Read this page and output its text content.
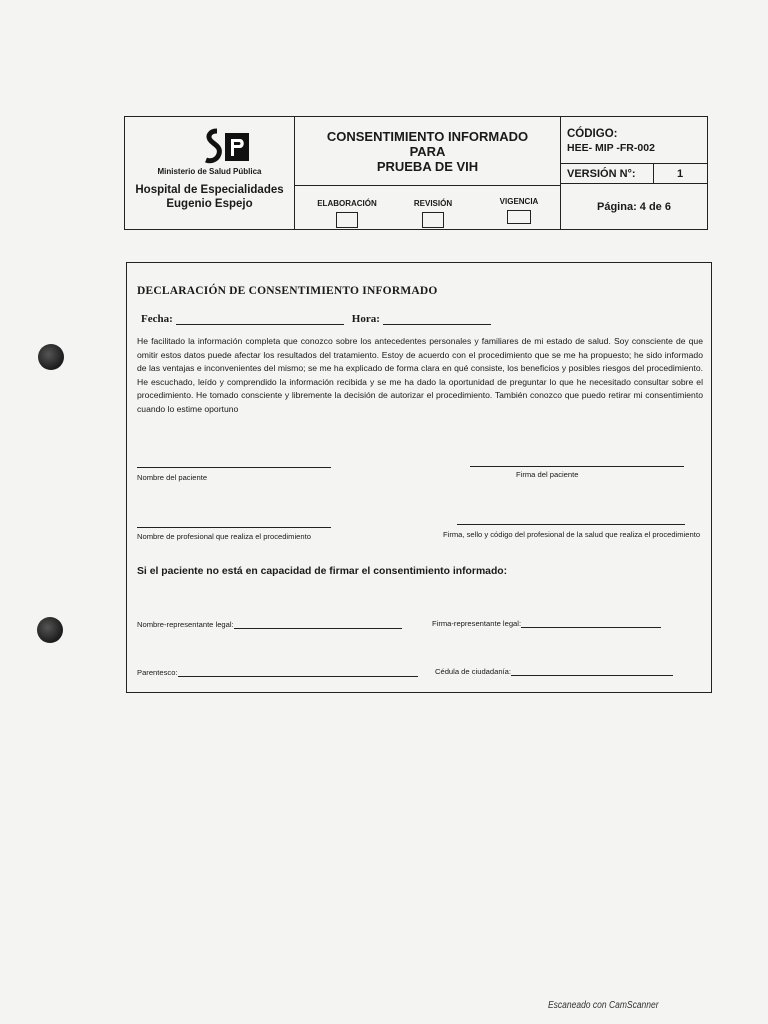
Ministerio de Salud Pública
Hospital de Especialidades
Eugenio Espejo
CONSENTIMIENTO INFORMADO
PARA
PRUEBA DE VIH
ELABORACIÓN	REVISIÓN	VIGENCIA
CÓDIGO:
HEE- MIP -FR-002
VERSIÓN N°:	1
Página: 4 de 6
DECLARACIÓN DE CONSENTIMIENTO INFORMADO
Fecha:	Hora:
He facilitado la información completa que conozco sobre los antecedentes personales y familiares de mi estado de salud. Soy consciente de que omitir estos datos puede afectar los resultados del tratamiento. Estoy de acuerdo con el procedimiento que se me ha propuesto; he sido informado de las ventajas e inconvenientes del mismo; se me ha explicado de forma clara en qué consiste, los beneficios y posibles riesgos del procedimiento. He escuchado, leído y comprendido la información recibida y se me ha dado la oportunidad de preguntar lo que he necesitado consultar sobre el procedimiento. He tomado consciente y libremente la decisión de autorizar el procedimiento. También conozco que puedo retirar mi consentimiento cuando lo estime oportuno
Nombre del paciente	Firma del paciente
Nombre de profesional que realiza el procedimiento	Firma, sello y código del profesional de la salud que realiza el procedimiento
Si el paciente no está en capacidad de firmar el consentimiento informado:
Nombre-representante legal:	Firma-representante legal:
Parentesco:	Cédula de ciudadanía:
Escaneado con CamScanner
